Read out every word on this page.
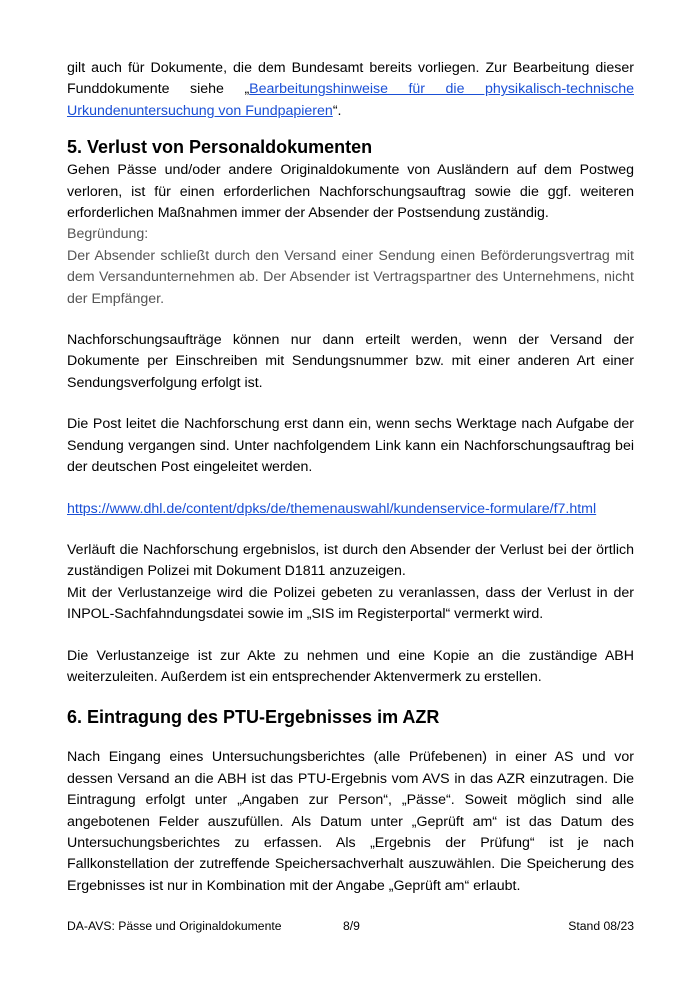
gilt auch für Dokumente, die dem Bundesamt bereits vorliegen. Zur Bearbeitung dieser Funddokumente siehe „Bearbeitungshinweise für die physikalisch-technische Urkundenuntersuchung von Fundpapieren“.

5. Verlust von Personaldokumenten

Gehen Pässe und/oder andere Originaldokumente von Ausländern auf dem Postweg verloren, ist für einen erforderlichen Nachforschungsauftrag sowie die ggf. weiteren erforderlichen Maßnahmen immer der Absender der Postsendung zuständig.

Begründung:

Der Absender schließt durch den Versand einer Sendung einen Beförderungsvertrag mit dem Versandunternehmen ab. Der Absender ist Vertragspartner des Unternehmens, nicht der Empfänger.

Nachforschungsaufträge können nur dann erteilt werden, wenn der Versand der Dokumente per Einschreiben mit Sendungsnummer bzw. mit einer anderen Art einer Sendungsverfolgung erfolgt ist.

Die Post leitet die Nachforschung erst dann ein, wenn sechs Werktage nach Aufgabe der Sendung vergangen sind. Unter nachfolgendem Link kann ein Nachforschungsauftrag bei der deutschen Post eingeleitet werden.

https://www.dhl.de/content/dpks/de/themenauswahl/kundenservice-formulare/f7.html

Verläuft die Nachforschung ergebnislos, ist durch den Absender der Verlust bei der örtlich zuständigen Polizei mit Dokument D1811 anzuzeigen.

Mit der Verlustanzeige wird die Polizei gebeten zu veranlassen, dass der Verlust in der INPOL-Sachfahndungsdatei sowie im „SIS im Registerportal“ vermerkt wird.

Die Verlustanzeige ist zur Akte zu nehmen und eine Kopie an die zuständige ABH weiterzuleiten. Außerdem ist ein entsprechender Aktenvermerk zu erstellen.

6. Eintragung des PTU-Ergebnisses im AZR

Nach Eingang eines Untersuchungsberichtes (alle Prüfebenen) in einer AS und vor dessen Versand an die ABH ist das PTU-Ergebnis vom AVS in das AZR einzutragen. Die Eintragung erfolgt unter „Angaben zur Person“, „Pässe“. Soweit möglich sind alle angebotenen Felder auszufüllen. Als Datum unter „Geprüft am“ ist das Datum des Untersuchungsberichtes zu erfassen. Als „Ergebnis der Prüfung“ ist je nach Fallkonstellation der zutreffende Speichersachverhalt auszuwählen. Die Speicherung des Ergebnisses ist nur in Kombination mit der Angabe „Geprüft am“ erlaubt.

DA-AVS: Pässe und Originaldokumente	8/9	Stand 08/23
